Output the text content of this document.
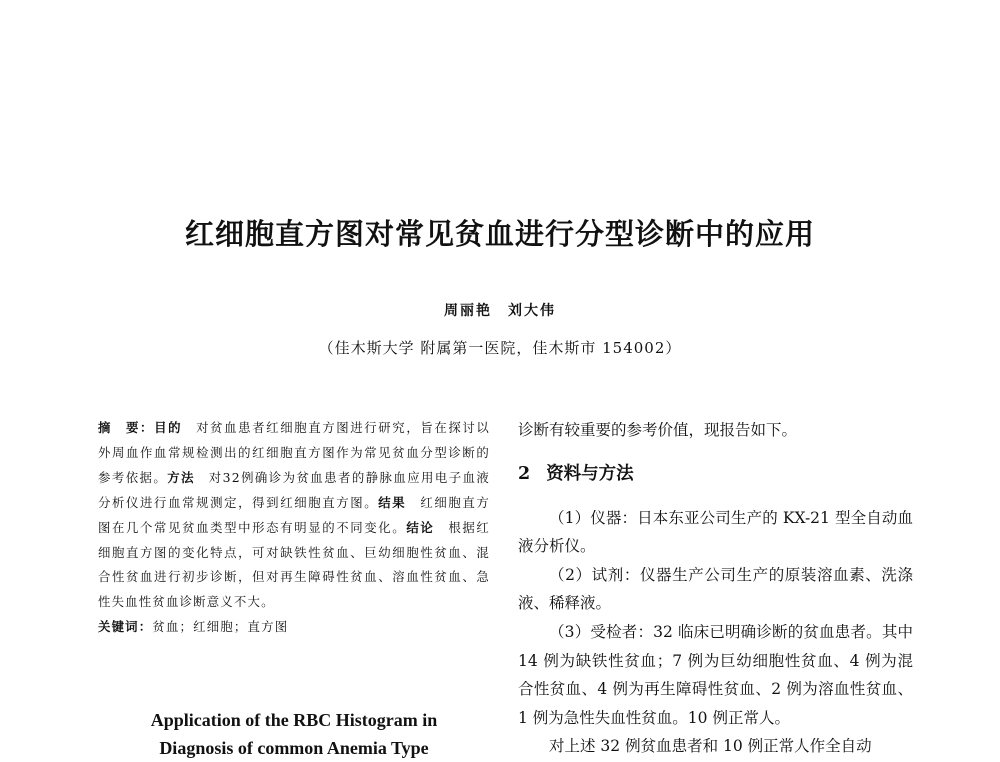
红细胞直方图对常见贫血进行分型诊断中的应用
周丽艳　刘大伟
（佳木斯大学 附属第一医院，佳木斯市 154002）

摘　要：目的　 对贫血患者红细胞直方图进行研究，旨在探讨以外周血作血常规检测出的红细胞直方图作为常见贫血分型诊断的参考依据。方法　 对32例确诊为贫血患者的静脉血应用电子血液分析仪进行血常规测定，得到红细胞直方图。结果　 红细胞直方图在几个常见贫血类型中形态有明显的不同变化。结论　 根据红细胞直方图的变化特点，可对缺铁性贫血、巨幼细胞性贫血、混合性贫血进行初步诊断，但对再生障碍性贫血、溶血性贫血、急性失血性贫血诊断意义不大。

关键词：贫血；红细胞；直方图

Application of the RBC Histogram in
Diagnosis of common Anemia Type

诊断有较重要的参考价值，现报告如下。

2 资料与方法

（1）仪器：日本东亚公司生产的 KX-21 型全自动血液分析仪。

（2）试剂：仪器生产公司生产的原装溶血素、洗涤液、稀释液。

（3）受检者：32 临床已明确诊断的贫血患者。其中 14 例为缺铁性贫血；7 例为巨幼细胞性贫血、4 例为混合性贫血、4 例为再生障碍性贫血、2 例为溶血性贫血、1 例为急性失血性贫血。10 例正常人。

对上述 32 例贫血患者和 10 例正常人作全自动
